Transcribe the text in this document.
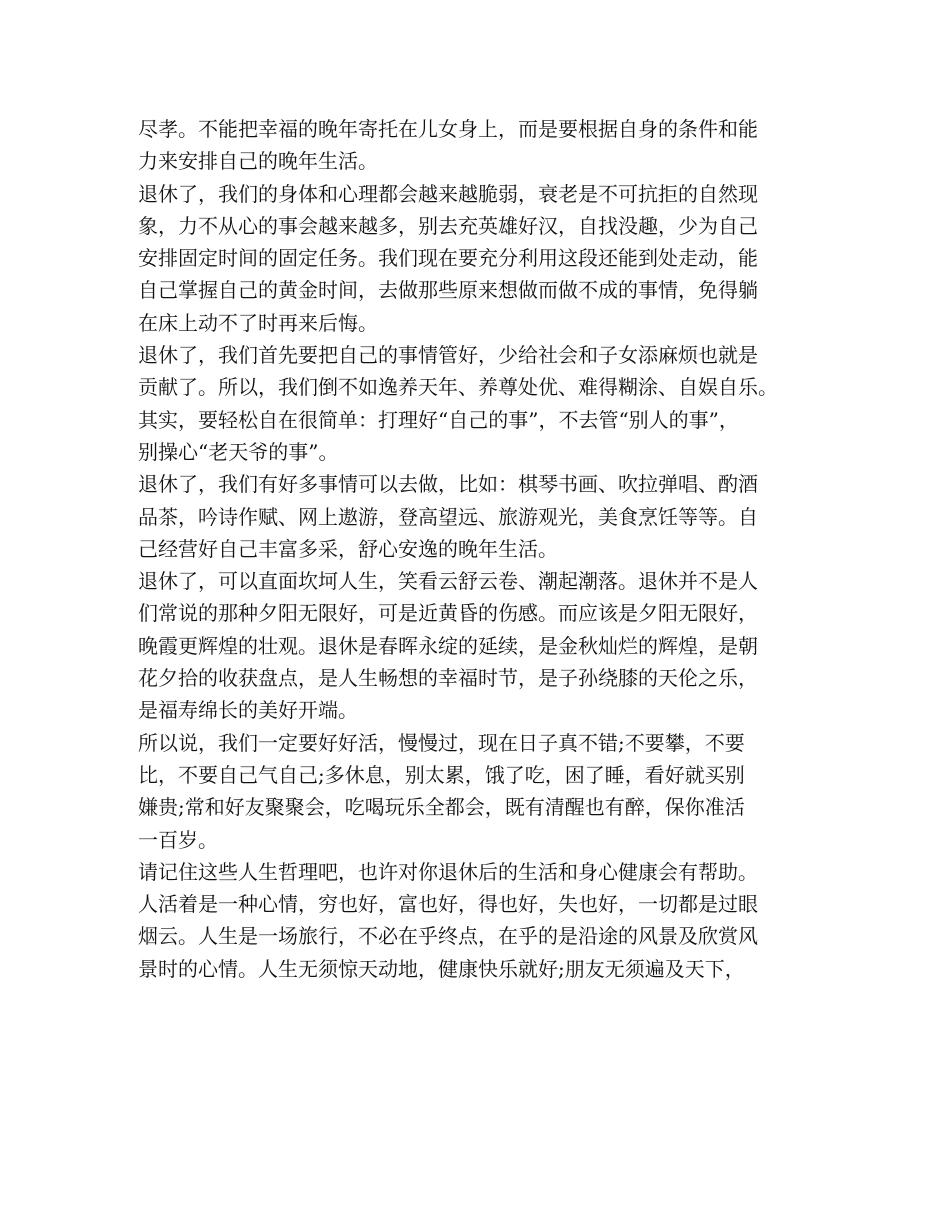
尽孝。不能把幸福的晚年寄托在儿女身上，而是要根据自身的条件和能
力来安排自己的晚年生活。
退休了，我们的身体和心理都会越来越脆弱，衰老是不可抗拒的自然现
象，力不从心的事会越来越多，别去充英雄好汉，自找没趣，少为自己
安排固定时间的固定任务。我们现在要充分利用这段还能到处走动，能
自己掌握自己的黄金时间，去做那些原来想做而做不成的事情，免得躺
在床上动不了时再来后悔。
退休了，我们首先要把自己的事情管好，少给社会和子女添麻烦也就是
贡献了。所以，我们倒不如逸养天年、养尊处优、难得糊涂、自娱自乐。
其实，要轻松自在很简单：打理好“自己的事”，不去管“别人的事”，
别操心“老天爷的事”。
退休了，我们有好多事情可以去做，比如：棋琴书画、吹拉弹唱、酌酒
品茶，吟诗作赋、网上遨游，登高望远、旅游观光，美食烹饪等等。自
己经营好自己丰富多采，舒心安逸的晚年生活。
退休了，可以直面坎坷人生，笑看云舒云卷、潮起潮落。退休并不是人
们常说的那种夕阳无限好，可是近黄昏的伤感。而应该是夕阳无限好，
晚霞更辉煌的壮观。退休是春晖永绽的延续，是金秋灿烂的辉煌，是朝
花夕拾的收获盘点，是人生畅想的幸福时节，是子孙绕膝的天伦之乐，
是福寿绵长的美好开端。
所以说，我们一定要好好活，慢慢过，现在日子真不错;不要攀，不要
比，不要自己气自己;多休息，别太累，饿了吃，困了睡，看好就买别
嫌贵;常和好友聚聚会，吃喝玩乐全都会，既有清醒也有醉，保你准活
一百岁。
请记住这些人生哲理吧，也许对你退休后的生活和身心健康会有帮助。
人活着是一种心情，穷也好，富也好，得也好，失也好，一切都是过眼
烟云。人生是一场旅行，不必在乎终点，在乎的是沿途的风景及欣赏风
景时的心情。人生无须惊天动地，健康快乐就好;朋友无须遍及天下，
